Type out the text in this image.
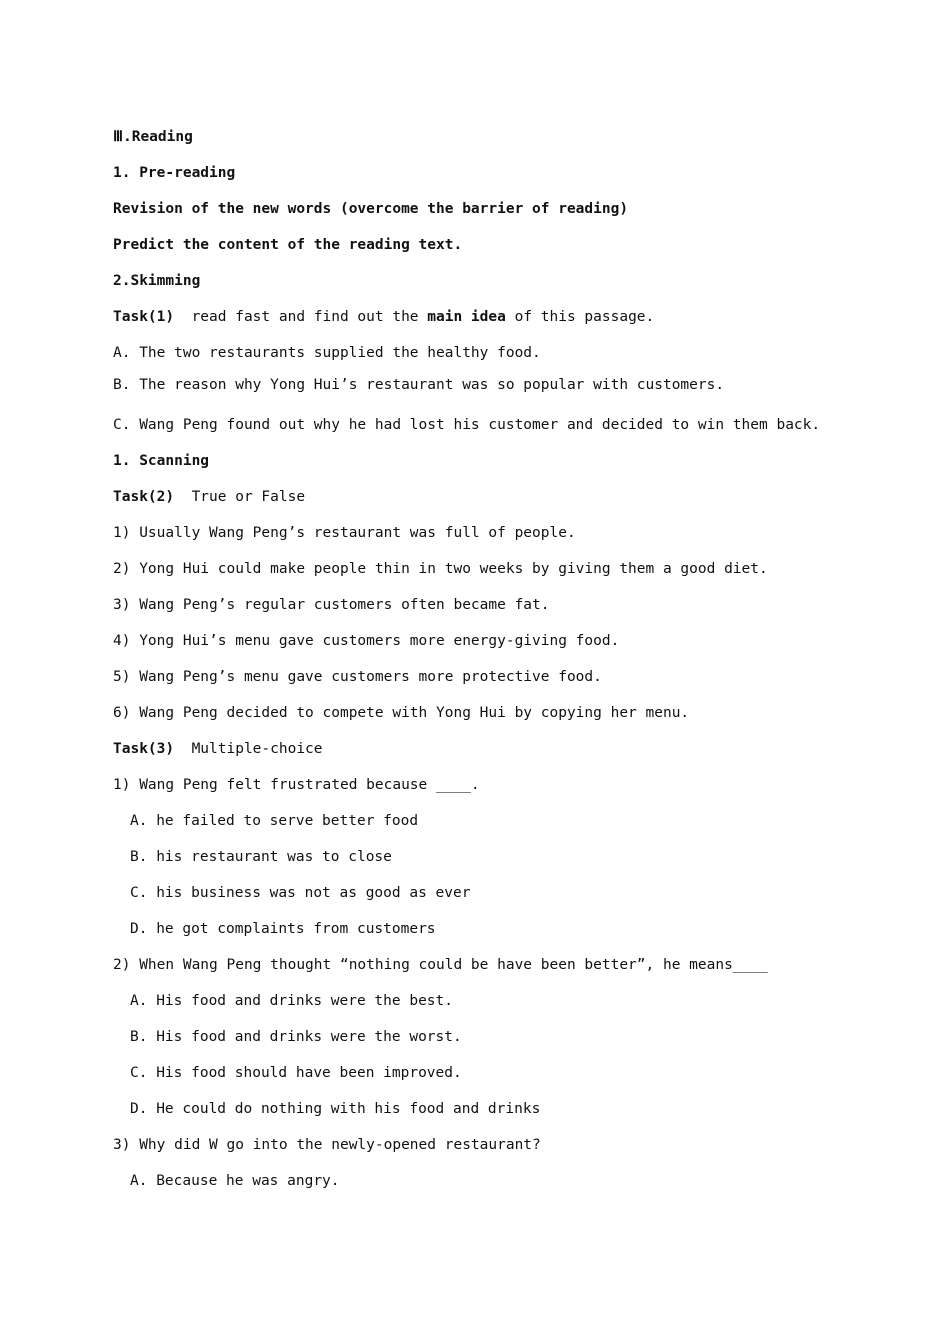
Ⅲ.Reading
1. Pre-reading
Revision of the new words (overcome the barrier of reading)
Predict the content of the reading text.
2.Skimming
Task(1)  read fast and find out the main idea of this passage.
A. The two restaurants supplied the healthy food.
B. The reason why Yong Hui’s restaurant was so popular with customers.
C. Wang Peng found out why he had lost his customer and decided to win them back.
1. Scanning
Task(2)  True or False
1) Usually Wang Peng’s restaurant was full of people.
2) Yong Hui could make people thin in two weeks by giving them a good diet.
3) Wang Peng’s regular customers often became fat.
4) Yong Hui’s menu gave customers more energy-giving food.
5) Wang Peng’s menu gave customers more protective food.
6) Wang Peng decided to compete with Yong Hui by copying her menu.
Task(3)  Multiple-choice
1) Wang Peng felt frustrated because ____.
A. he failed to serve better food
B. his restaurant was to close
C. his business was not as good as ever
D. he got complaints from customers
2) When Wang Peng thought “nothing could be have been better”, he means____
A. His food and drinks were the best.
B. His food and drinks were the worst.
C. His food should have been improved.
D. He could do nothing with his food and drinks
3) Why did W go into the newly-opened restaurant?
A. Because he was angry.
